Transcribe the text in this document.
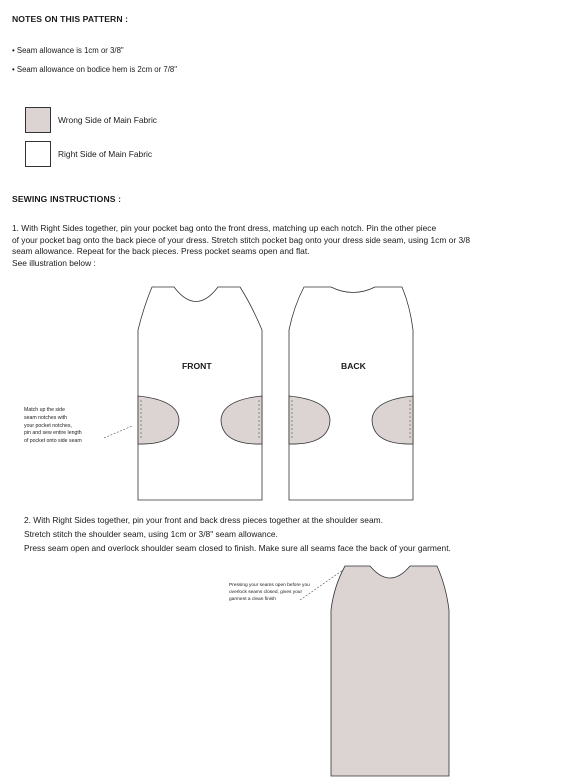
NOTES ON THIS PATTERN :
• Seam allowance is 1cm or 3/8"
• Seam allowance on bodice hem is 2cm or 7/8"
Wrong Side of Main Fabric
Right Side of Main Fabric
SEWING INSTRUCTIONS :
1. With Right Sides together, pin your pocket bag onto the front dress, matching up each notch. Pin the other piece
of your pocket bag onto the back piece of your dress. Stretch stitch pocket bag onto your dress side seam, using 1cm or 3/8
seam allowance. Repeat for the back pieces. Press pocket seams open and flat.
See illustration below :
FRONT	BACK
Match up the side
seam notches with
your pocket notches,
pin and sew entire length
of pocket onto side seam
2. With Right Sides together, pin your front and back dress pieces together at the shoulder seam.
Stretch stitch the shoulder seam, using 1cm or 3/8" seam allowance.
Press seam open and overlock shoulder seam closed to finish. Make sure all seams face the back of your garment.
Pressing your seams open before you
overlock seams closed, gives your
garment a clean finish
